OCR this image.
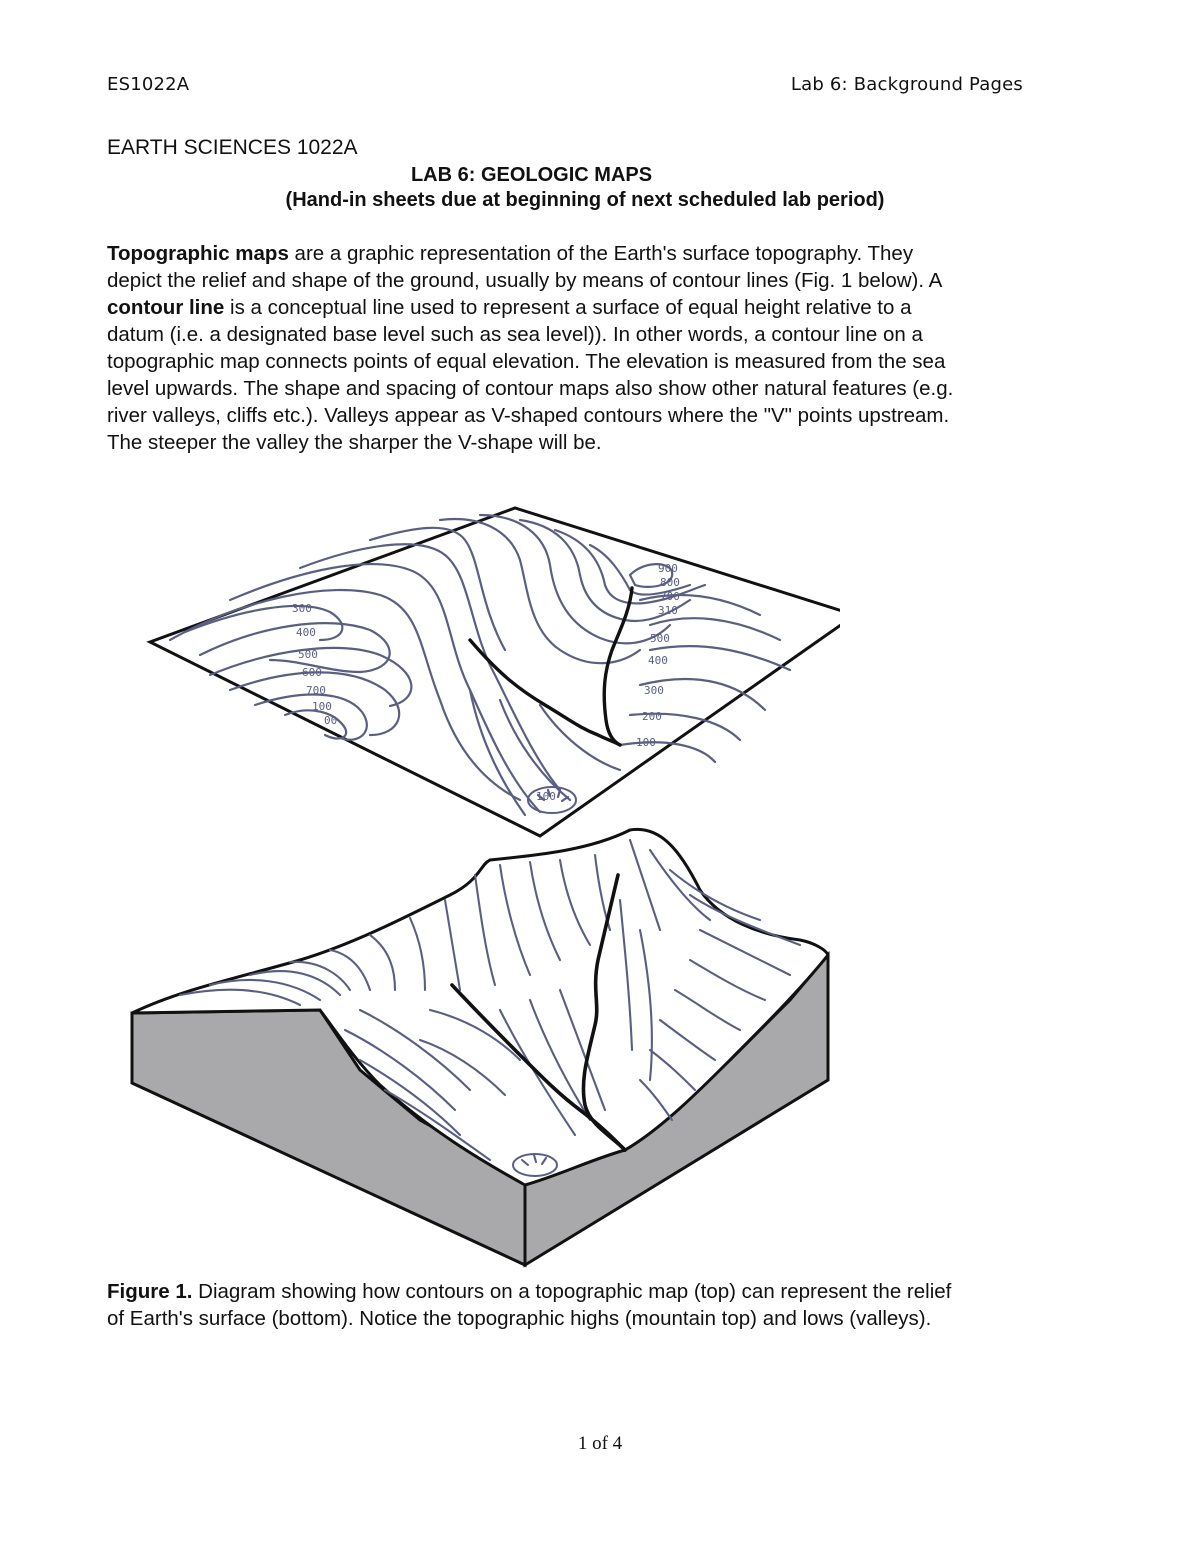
ES1022A	Lab 6: Background Pages
EARTH SCIENCES 1022A
LAB 6: GEOLOGIC MAPS
(Hand-in sheets due at beginning of next scheduled lab period)
Topographic maps are a graphic representation of the Earth's surface topography. They
depict the relief and shape of the ground, usually by means of contour lines (Fig. 1 below). A
contour line is a conceptual line used to represent a surface of equal height relative to a
datum (i.e. a designated base level such as sea level)). In other words, a contour line on a
topographic map connects points of equal elevation. The elevation is measured from the sea
level upwards. The shape and spacing of contour maps also show other natural features (e.g.
river valleys, cliffs etc.). Valleys appear as V-shaped contours where the "V" points upstream.
The steeper the valley the sharper the V-shape will be.
300
400
500
600
700
100
00
900
800
700
310
500
400
300
200
100
100
Figure 1. Diagram showing how contours on a topographic map (top) can represent the relief
of Earth's surface (bottom). Notice the topographic highs (mountain top) and lows (valleys).
1 of 4
